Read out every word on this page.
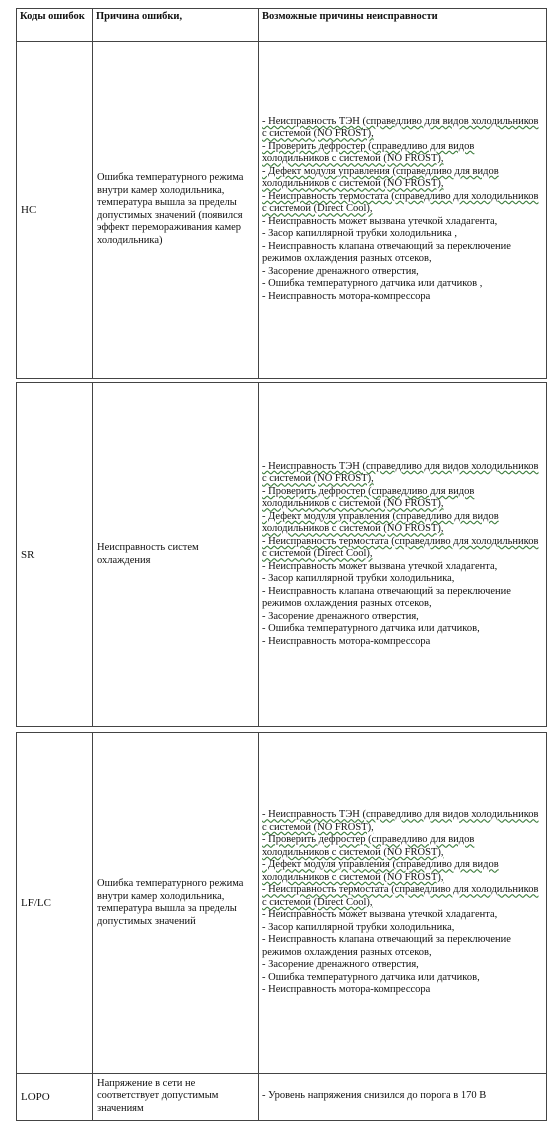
Коды ошибок	Причина ошибки,	Возможные причины неисправности
HC
Ошибка температурного режима внутри камер холодильника, температура вышла за пределы допустимых значений (появился эффект переморaживания камер холодильника)
- Неисправность ТЭН (справедливо для видов холодильников с системой (NO FROST),
- Проверить дефростер (справедливо для видов холодильников с системой (NO FROST),
- Дефект модуля управления (справедливо для видов холодильников с системой (NO FROST),
- Неисправность термостата (справедливо для холодильников с системой (Direct Cool),
- Неисправность может вызвана утечкой хладагента,
- Засор капиллярной трубки холодильника ,
- Неисправность клапана отвечающий за переключение режимов охлаждения разных отсеков,
- Засорение дренажного отверстия,
- Ошибка температурного датчика или датчиков ,
- Неисправность мотора-компрессора
SR
Неисправность систем охлаждения
- Неисправность ТЭН (справедливо для видов холодильников с системой (NO FROST),
- Проверить дефростер (справедливо для видов холодильников с системой (NO FROST),
- Дефект модуля управления (справедливо для видов холодильников с системой (NO FROST),
- Неисправность термостата (справедливо для холодильников с системой (Direct Cool),
- Неисправность может вызвана утечкой хладагента,
- Засор капиллярной трубки холодильника,
- Неисправность клапана отвечающий за переключение режимов охлаждения разных отсеков,
- Засорение дренажного отверстия,
- Ошибка температурного датчика или датчиков,
- Неисправность мотора-компрессора
LF/LC
Ошибка температурного режима внутри камер холодильника, температура вышла за пределы допустимых значений
- Неисправность ТЭН (справедливо для видов холодильников с системой (NO FROST),
- Проверить дефростер (справедливо для видов холодильников с системой (NO FROST),
- Дефект модуля управления (справедливо для видов холодильников с системой (NO FROST),
- Неисправность термостата (справедливо для холодильников с системой (Direct Cool),
- Неисправность может вызвана утечкой хладагента,
- Засор капиллярной трубки холодильника,
- Неисправность клапана отвечающий за переключение режимов охлаждения разных отсеков,
- Засорение дренажного отверстия,
- Ошибка температурного датчика или датчиков,
- Неисправность мотора-компрессора
LOPO
Напряжение в сети не соответствует допустимым значениям
- Уровень напряжения снизился до порога в 170 В
